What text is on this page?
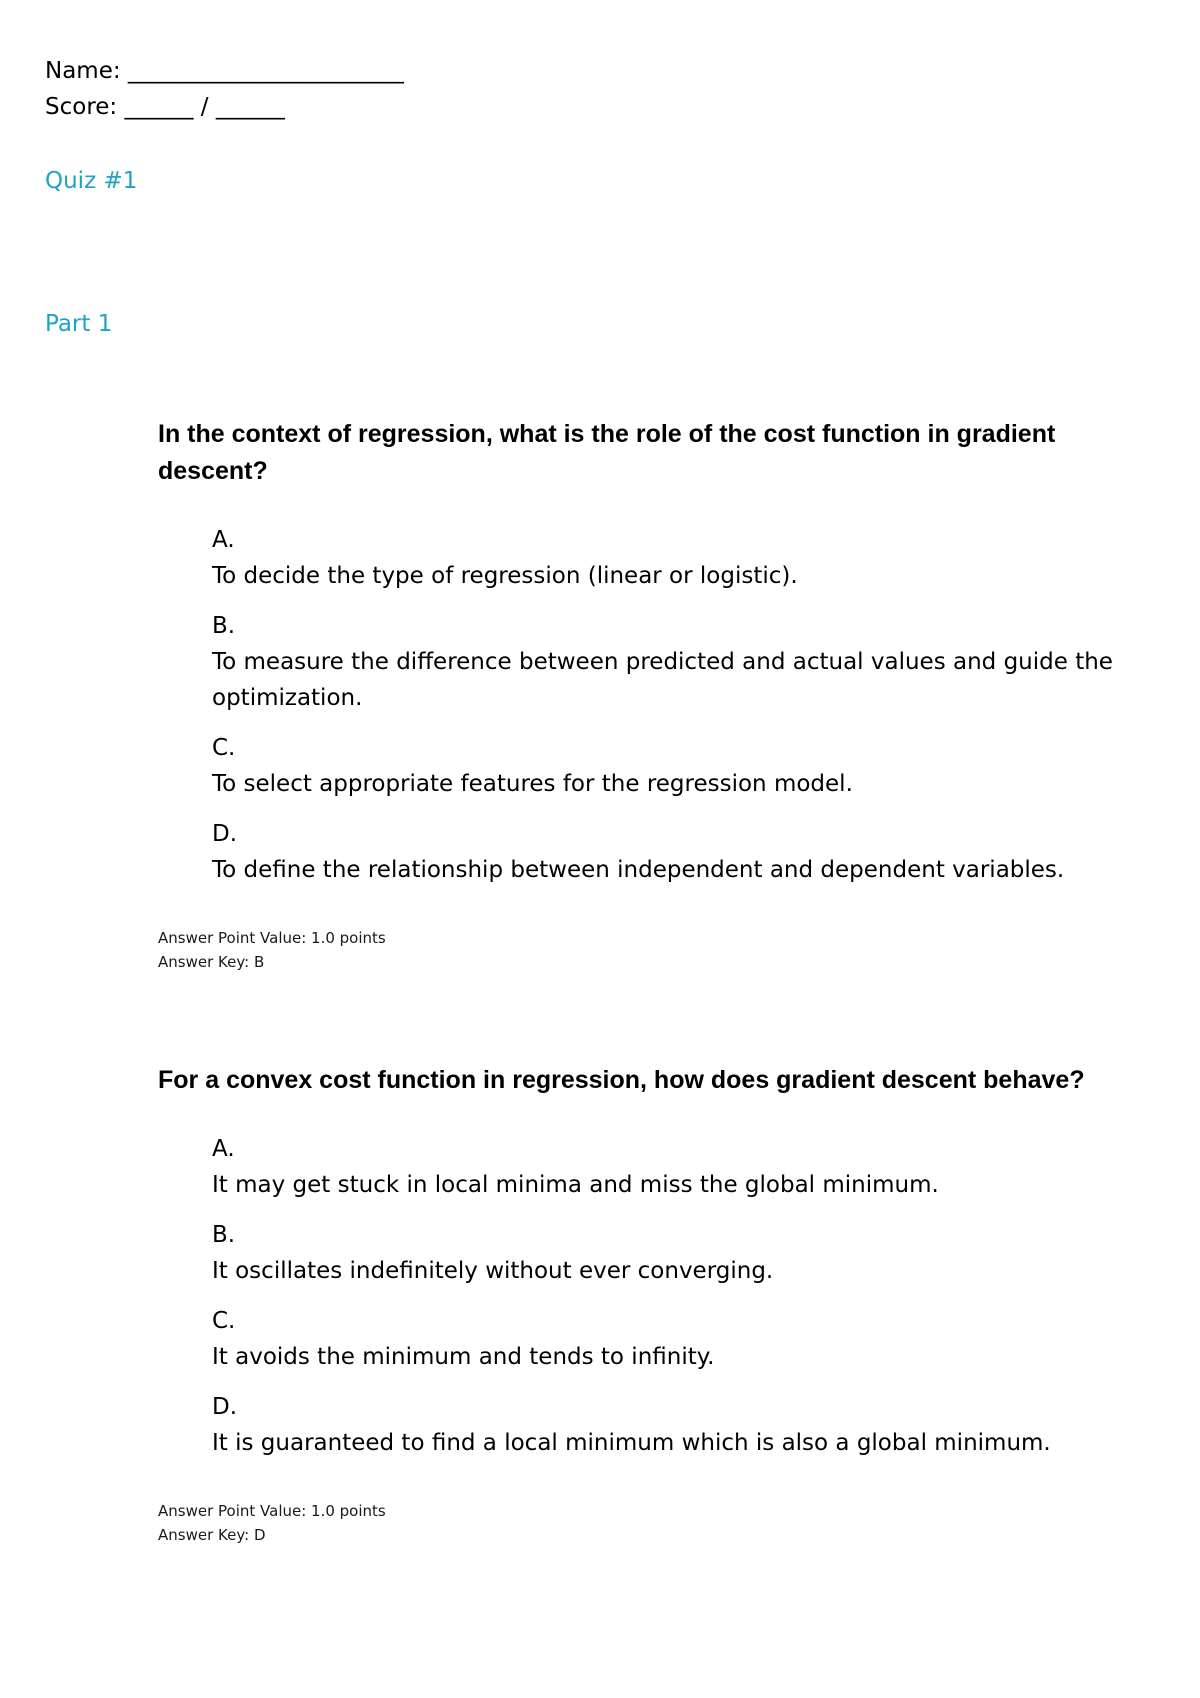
Name: ________________________
Score: ______ / ______
Quiz #1
Part 1

In the context of regression, what is the role of the cost function in gradient descent?

A.
To decide the type of regression (linear or logistic).
B.
To measure the difference between predicted and actual values and guide the optimization.
C.
To select appropriate features for the regression model.
D.
To define the relationship between independent and dependent variables.
Answer Point Value: 1.0 points
Answer Key: B

For a convex cost function in regression, how does gradient descent behave?

A.
It may get stuck in local minima and miss the global minimum.
B.
It oscillates indefinitely without ever converging.
C.
It avoids the minimum and tends to infinity.
D.
It is guaranteed to find a local minimum which is also a global minimum.
Answer Point Value: 1.0 points
Answer Key: D
